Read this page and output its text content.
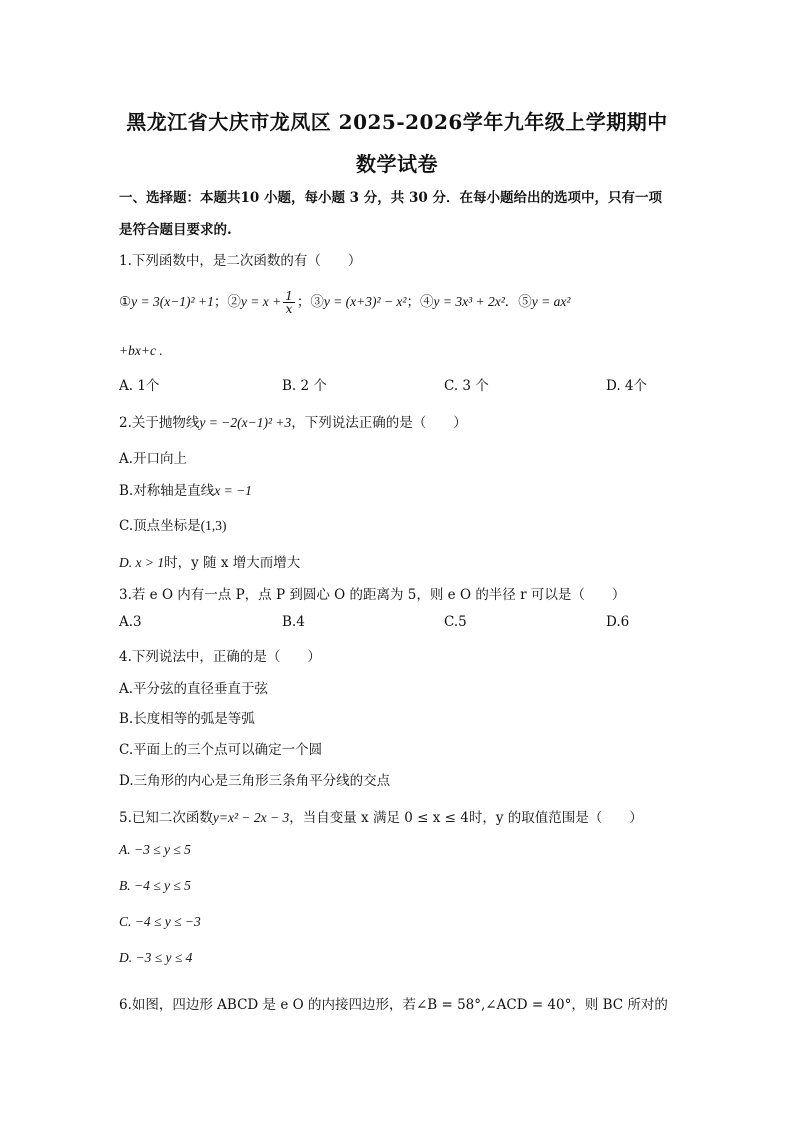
黑龙江省大庆市龙凤区 2025-2026学年九年级上学期期中
数学试卷
一、选择题：本题共10 小题，每小题 3 分，共 30 分．在每小题给出的选项中，只有一项
是符合题目要求的.
1.下列函数中，是二次函数的有（　　）
①y = 3(x−1)² +1；②y = $x + \frac{1}{x}$ ；③y = (x+3)² − x²；④y = 3x³ + 2x²．⑤y = ax²
+bx+c .
A. 1个	B. 2 个	C. 3 个	D. 4个
2.关于抛物线y = −2(x−1)² +3，下列说法正确的是（　　）
A.开口向上
B.对称轴是直线x = −1
C.顶点坐标是(1,3)
D. x > 1时，y 随 x 增大而增大
3.若 e O 内有一点 P，点 P 到圆心 O 的距离为 5，则 e O 的半径 r 可以是（　　）
A.3	B.4	C.5	D.6
4.下列说法中，正确的是（　　）
A.平分弦的直径垂直于弦
B.长度相等的弧是等弧
C.平面上的三个点可以确定一个圆
D.三角形的内心是三角形三条角平分线的交点
5.已知二次函数y=x² − 2x − 3，当自变量 x 满足 0 ≤ x ≤ 4时，y 的取值范围是（　　）
A. −3 ≤ y ≤ 5
B. −4 ≤ y ≤ 5
C. −4 ≤ y ≤ −3
D. −3 ≤ y ≤ 4
6.如图，四边形 ABCD 是 e O 的内接四边形，若∠B = 58°,∠ACD = 40°，则 BC 所对的
